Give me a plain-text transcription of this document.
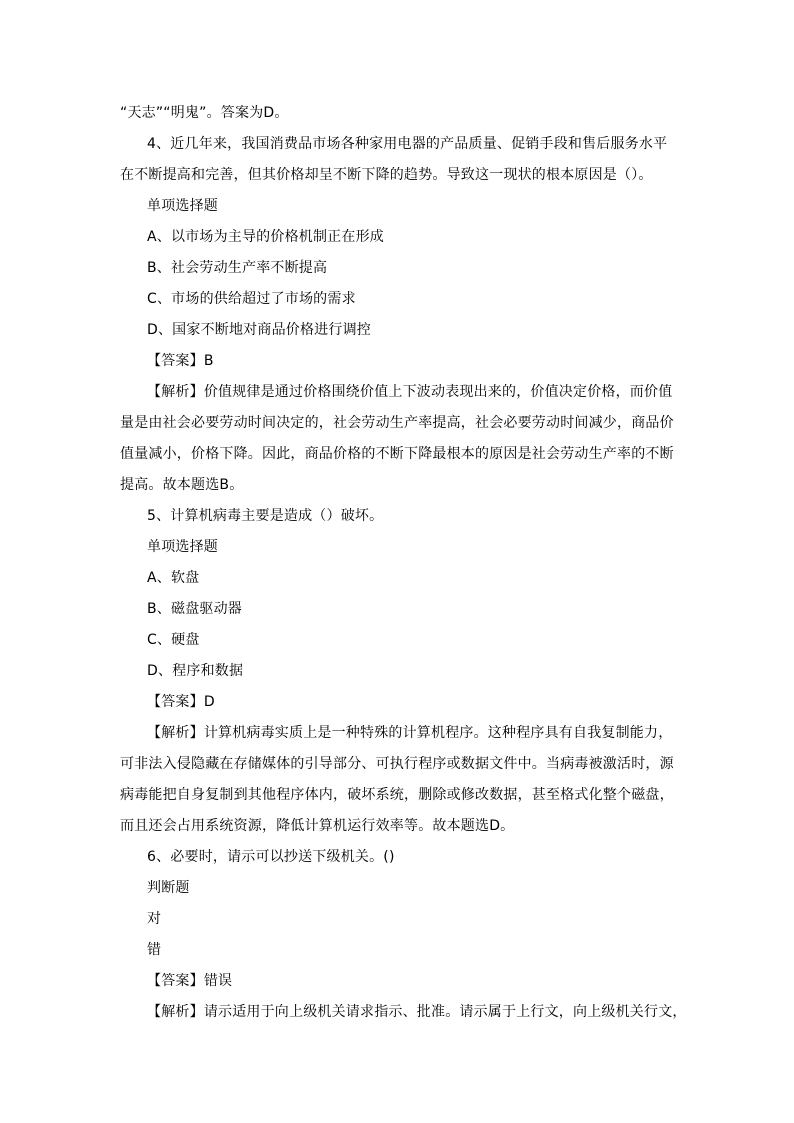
“天志”“明鬼”。答案为D。
4、近几年来，我国消费品市场各种家用电器的产品质量、促销手段和售后服务水平
在不断提高和完善，但其价格却呈不断下降的趋势。导致这一现状的根本原因是（）。
单项选择题
A、以市场为主导的价格机制正在形成
B、社会劳动生产率不断提高
C、市场的供给超过了市场的需求
D、国家不断地对商品价格进行调控
【答案】B
【解析】价值规律是通过价格围绕价值上下波动表现出来的，价值决定价格，而价值
量是由社会必要劳动时间决定的，社会劳动生产率提高，社会必要劳动时间减少，商品价
值量减小，价格下降。因此，商品价格的不断下降最根本的原因是社会劳动生产率的不断
提高。故本题选B。
5、计算机病毒主要是造成（）破坏。
单项选择题
A、软盘
B、磁盘驱动器
C、硬盘
D、程序和数据
【答案】D
【解析】计算机病毒实质上是一种特殊的计算机程序。这种程序具有自我复制能力，
可非法入侵隐藏在存储媒体的引导部分、可执行程序或数据文件中。当病毒被激活时，源
病毒能把自身复制到其他程序体内，破坏系统，删除或修改数据，甚至格式化整个磁盘，
而且还会占用系统资源，降低计算机运行效率等。故本题选D。
6、必要时，请示可以抄送下级机关。()
判断题
对
错
【答案】错误
【解析】请示适用于向上级机关请求指示、批准。请示属于上行文，向上级机关行文，
